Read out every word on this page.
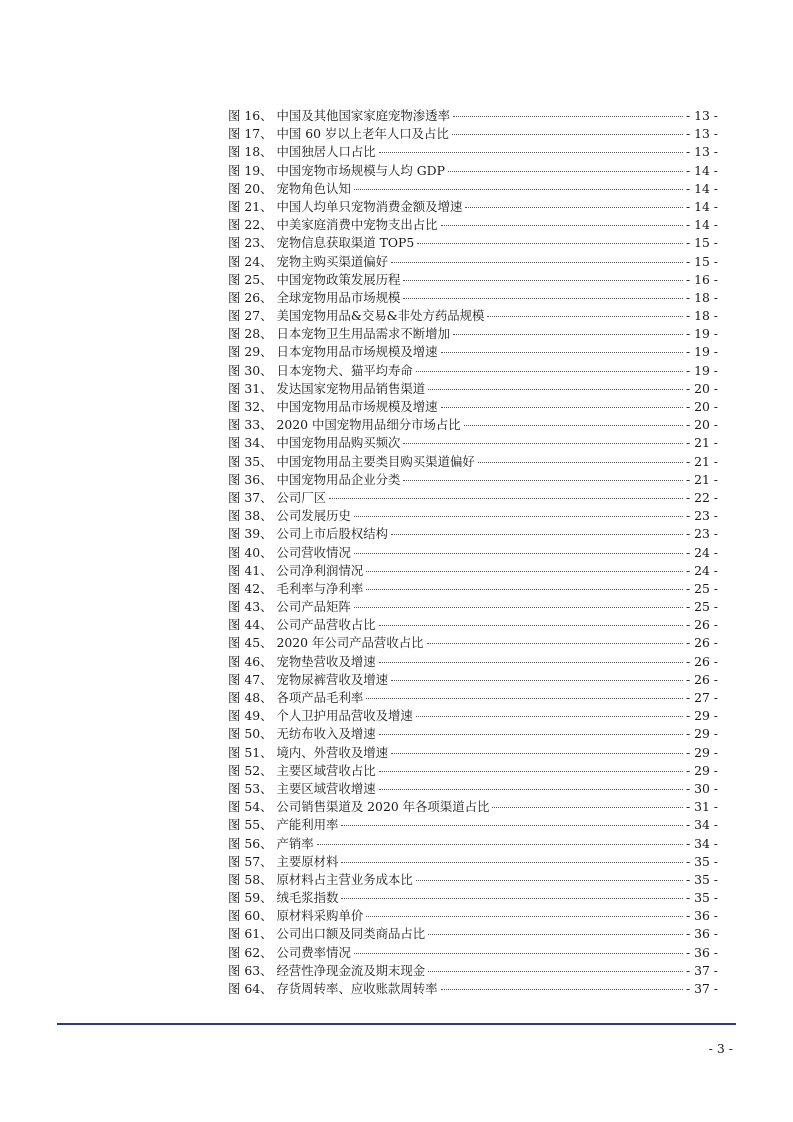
图 16、 中国及其他国家家庭宠物渗透率	- 13 -
图 17、 中国 60 岁以上老年人口及占比	- 13 -
图 18、 中国独居人口占比	- 13 -
图 19、 中国宠物市场规模与人均 GDP	- 14 -
图 20、 宠物角色认知	- 14 -
图 21、 中国人均单只宠物消费金额及增速	- 14 -
图 22、 中美家庭消费中宠物支出占比	- 14 -
图 23、 宠物信息获取渠道 TOP5	- 15 -
图 24、 宠物主购买渠道偏好	- 15 -
图 25、 中国宠物政策发展历程	- 16 -
图 26、 全球宠物用品市场规模	- 18 -
图 27、 美国宠物用品&交易&非处方药品规模	- 18 -
图 28、 日本宠物卫生用品需求不断增加	- 19 -
图 29、 日本宠物用品市场规模及增速	- 19 -
图 30、 日本宠物犬、猫平均寿命	- 19 -
图 31、 发达国家宠物用品销售渠道	- 20 -
图 32、 中国宠物用品市场规模及增速	- 20 -
图 33、 2020 中国宠物用品细分市场占比	- 20 -
图 34、 中国宠物用品购买频次	- 21 -
图 35、 中国宠物用品主要类目购买渠道偏好	- 21 -
图 36、 中国宠物用品企业分类	- 21 -
图 37、 公司厂区	- 22 -
图 38、 公司发展历史	- 23 -
图 39、 公司上市后股权结构	- 23 -
图 40、 公司营收情况	- 24 -
图 41、 公司净利润情况	- 24 -
图 42、 毛利率与净利率	- 25 -
图 43、 公司产品矩阵	- 25 -
图 44、 公司产品营收占比	- 26 -
图 45、 2020 年公司产品营收占比	- 26 -
图 46、 宠物垫营收及增速	- 26 -
图 47、 宠物尿裤营收及增速	- 26 -
图 48、 各项产品毛利率	- 27 -
图 49、 个人卫护用品营收及增速	- 29 -
图 50、 无纺布收入及增速	- 29 -
图 51、 境内、外营收及增速	- 29 -
图 52、 主要区域营收占比	- 29 -
图 53、 主要区域营收增速	- 30 -
图 54、 公司销售渠道及 2020 年各项渠道占比	- 31 -
图 55、 产能利用率	- 34 -
图 56、 产销率	- 34 -
图 57、 主要原材料	- 35 -
图 58、 原材料占主营业务成本比	- 35 -
图 59、 绒毛浆指数	- 35 -
图 60、 原材料采购单价	- 36 -
图 61、 公司出口额及同类商品占比	- 36 -
图 62、 公司费率情况	- 36 -
图 63、 经营性净现金流及期末现金	- 37 -
图 64、 存货周转率、应收账款周转率	- 37 -
- 3 -
